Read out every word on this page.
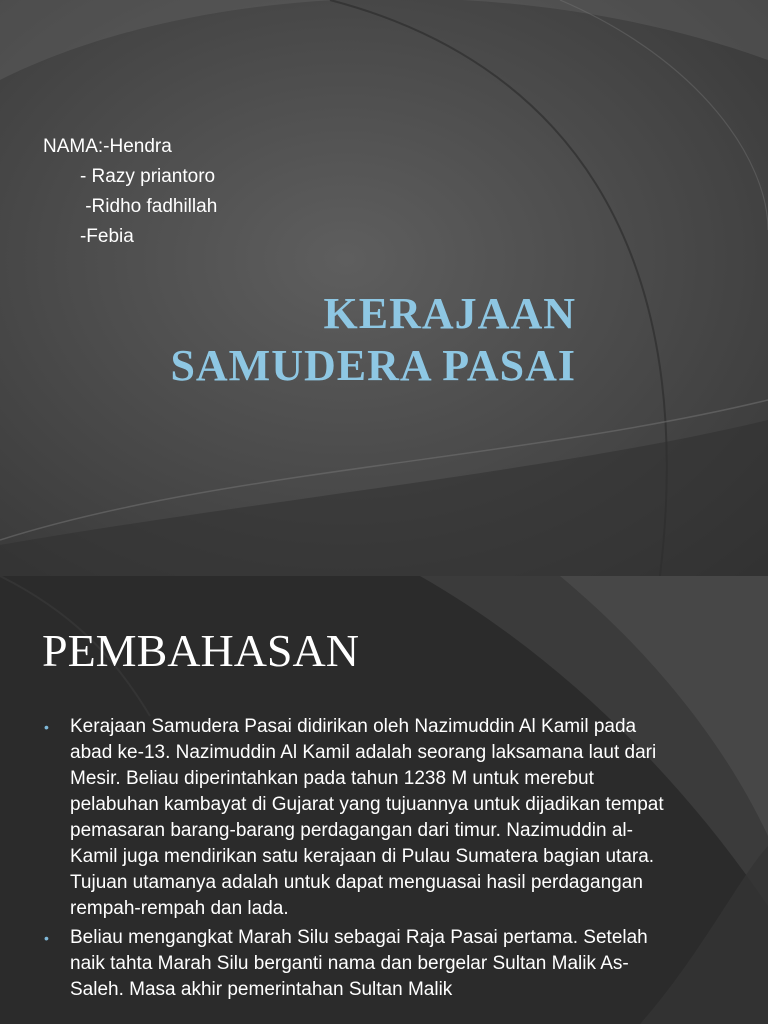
NAMA:-Hendra
- Razy priantoro
-Ridho fadhillah
-Febia
KERAJAAN
SAMUDERA PASAI
PEMBAHASAN
• Kerajaan Samudera Pasai didirikan oleh Nazimuddin Al Kamil pada abad ke-13. Nazimuddin Al Kamil adalah seorang laksamana laut dari Mesir. Beliau diperintahkan pada tahun 1238 M untuk merebut pelabuhan kambayat di Gujarat yang tujuannya untuk dijadikan tempat pemasaran barang-barang perdagangan dari timur. Nazimuddin al-Kamil juga mendirikan satu kerajaan di Pulau Sumatera bagian utara. Tujuan utamanya adalah untuk dapat menguasai hasil perdagangan rempah-rempah dan lada.
• Beliau mengangkat Marah Silu sebagai Raja Pasai pertama. Setelah naik tahta Marah Silu berganti nama dan bergelar Sultan Malik As-Saleh. Masa akhir pemerintahan Sultan Malik
